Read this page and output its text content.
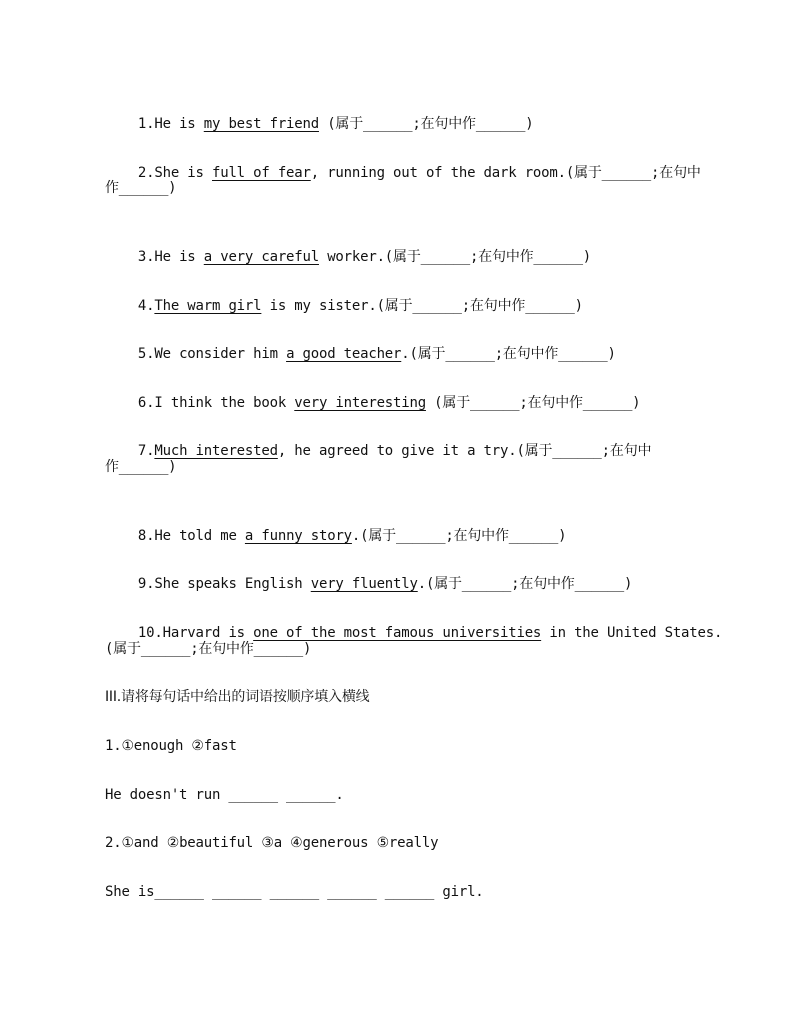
1.He is my best friend (属于______;在句中作______)

2.She is full of fear, running out of the dark room.(属于______;在句中

作______)

3.He is a very careful worker.(属于______;在句中作______)

4.The warm girl is my sister.(属于______;在句中作______)

5.We consider him a good teacher.(属于______;在句中作______)

6.I think the book very interesting (属于______;在句中作______)

7.Much interested, he agreed to give it a try.(属于______;在句中

作______)

8.He told me a funny story.(属于______;在句中作______)

9.She speaks English very fluently.(属于______;在句中作______)

10.Harvard is one of the most famous universities in the United States.

(属于______;在句中作______)
III.请将每句话中给出的词语按顺序填入横线
1.①enough ②fast
He doesn't run ______ ______.
2.①and ②beautiful ③a ④generous ⑤really
She is______ ______ ______ ______ ______ girl.
